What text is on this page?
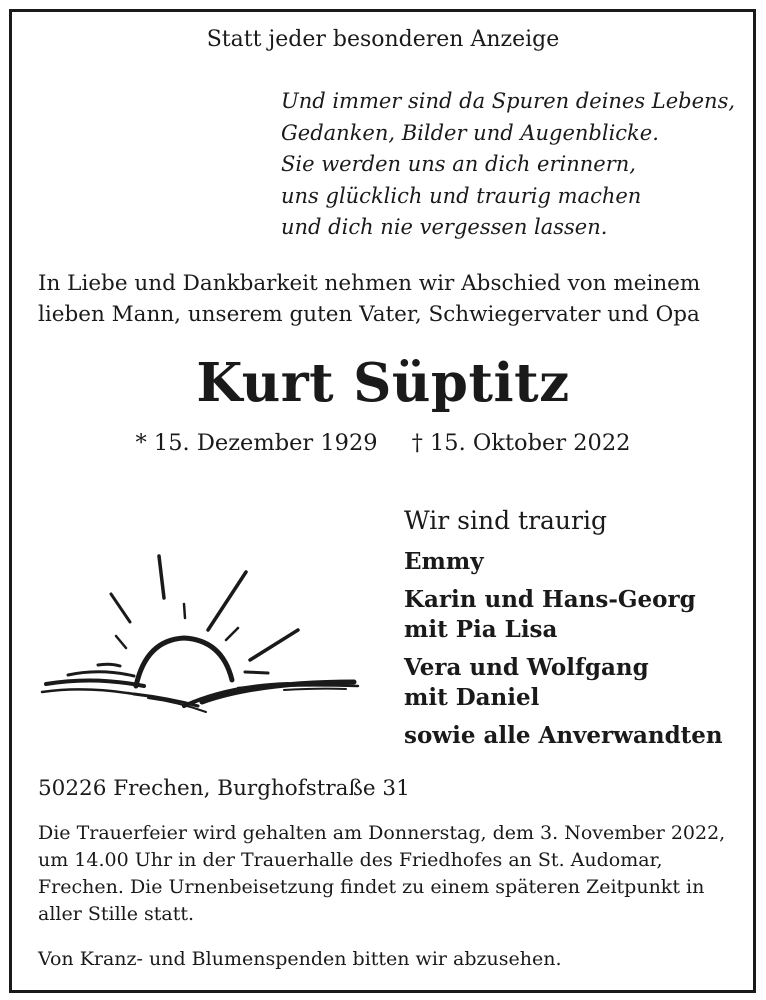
Statt jeder besonderen Anzeige
Und immer sind da Spuren deines Lebens,
Gedanken, Bilder und Augenblicke.
Sie werden uns an dich erinnern,
uns glücklich und traurig machen
und dich nie vergessen lassen.
In Liebe und Dankbarkeit nehmen wir Abschied von meinem
lieben Mann, unserem guten Vater, Schwiegervater und Opa
Kurt Süptitz
* 15. Dezember 1929 † 15. Oktober 2022
Wir sind traurig
Emmy
Karin und Hans-Georg
mit Pia Lisa
Vera und Wolfgang
mit Daniel
sowie alle Anverwandten
50226 Frechen, Burghofstraße 31
Die Trauerfeier wird gehalten am Donnerstag, dem 3. November 2022,
um 14.00 Uhr in der Trauerhalle des Friedhofes an St. Audomar,
Frechen. Die Urnenbeisetzung findet zu einem späteren Zeitpunkt in
aller Stille statt.
Von Kranz- und Blumenspenden bitten wir abzusehen.
